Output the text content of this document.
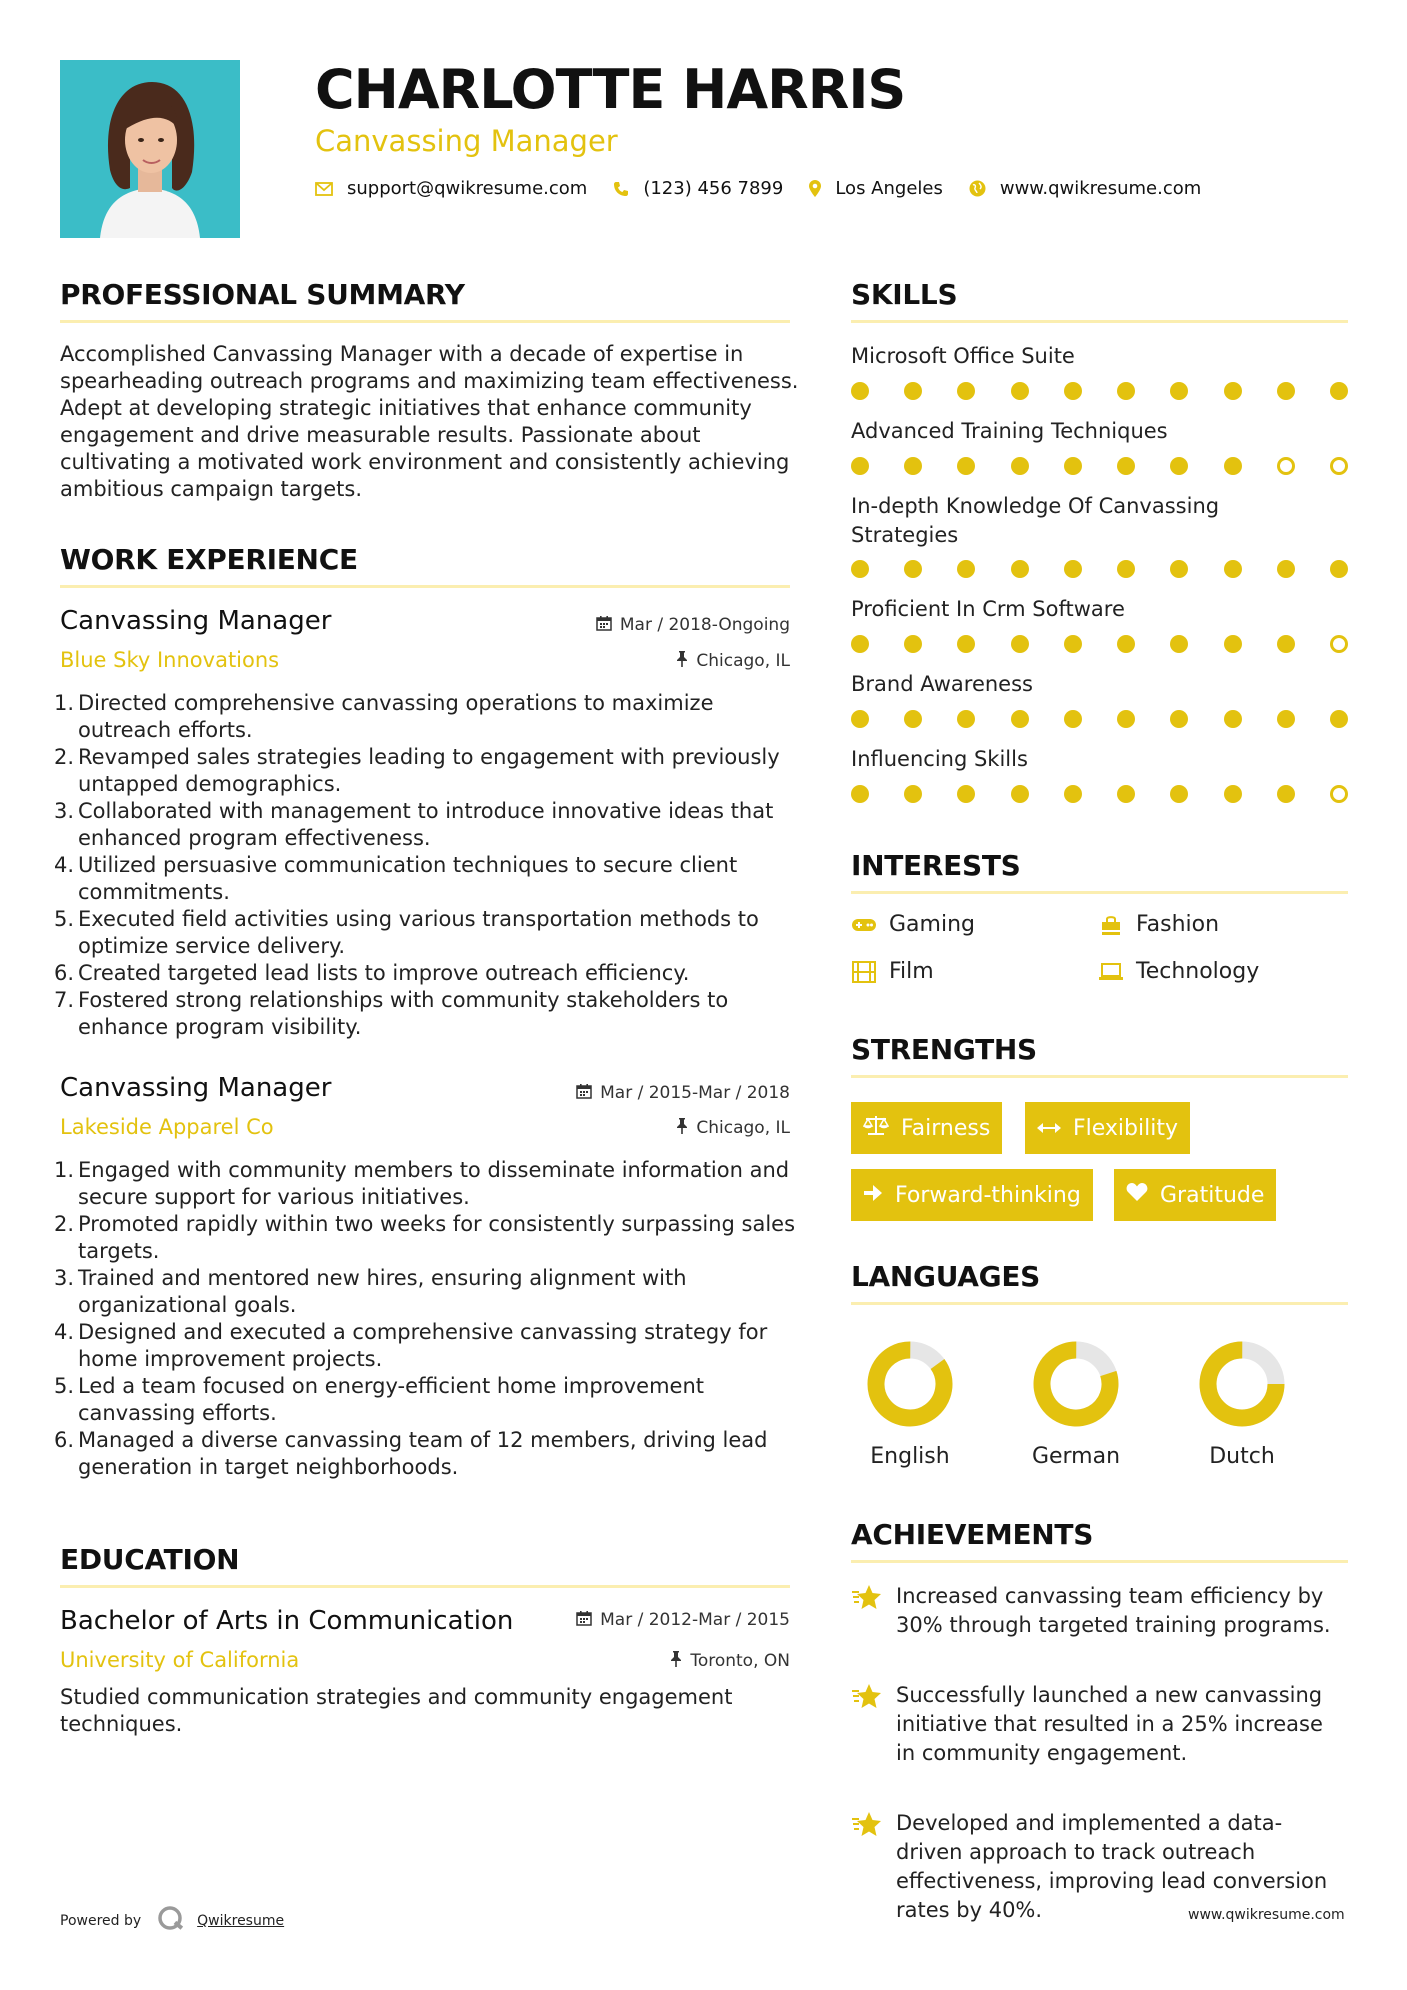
CHARLOTTE HARRIS
Canvassing Manager
support@qwikresume.com	(123) 456 7899	Los Angeles	www.qwikresume.com
PROFESSIONAL SUMMARY
Accomplished Canvassing Manager with a decade of expertise in spearheading outreach programs and maximizing team effectiveness. Adept at developing strategic initiatives that enhance community engagement and drive measurable results. Passionate about cultivating a motivated work environment and consistently achieving ambitious campaign targets.
WORK EXPERIENCE
Canvassing Manager	Mar / 2018-Ongoing
Blue Sky Innovations	Chicago, IL
1. Directed comprehensive canvassing operations to maximize outreach efforts.
2. Revamped sales strategies leading to engagement with previously untapped demographics.
3. Collaborated with management to introduce innovative ideas that enhanced program effectiveness.
4. Utilized persuasive communication techniques to secure client commitments.
5. Executed field activities using various transportation methods to optimize service delivery.
6. Created targeted lead lists to improve outreach efficiency.
7. Fostered strong relationships with community stakeholders to enhance program visibility.
Canvassing Manager	Mar / 2015-Mar / 2018
Lakeside Apparel Co	Chicago, IL
1. Engaged with community members to disseminate information and secure support for various initiatives.
2. Promoted rapidly within two weeks for consistently surpassing sales targets.
3. Trained and mentored new hires, ensuring alignment with organizational goals.
4. Designed and executed a comprehensive canvassing strategy for home improvement projects.
5. Led a team focused on energy-efficient home improvement canvassing efforts.
6. Managed a diverse canvassing team of 12 members, driving lead generation in target neighborhoods.
EDUCATION
Bachelor of Arts in Communication	Mar / 2012-Mar / 2015
University of California	Toronto, ON
Studied communication strategies and community engagement techniques.
SKILLS
Microsoft Office Suite
Advanced Training Techniques
In-depth Knowledge Of Canvassing Strategies
Proficient In Crm Software
Brand Awareness
Influencing Skills
INTERESTS
Gaming	Fashion
Film	Technology
STRENGTHS
Fairness	Flexibility
Forward-thinking	Gratitude
LANGUAGES
English	German	Dutch
ACHIEVEMENTS
Increased canvassing team efficiency by 30% through targeted training programs.
Successfully launched a new canvassing initiative that resulted in a 25% increase in community engagement.
Developed and implemented a data-driven approach to track outreach effectiveness, improving lead conversion rates by 40%.
Powered by	Qwikresume	www.qwikresume.com
